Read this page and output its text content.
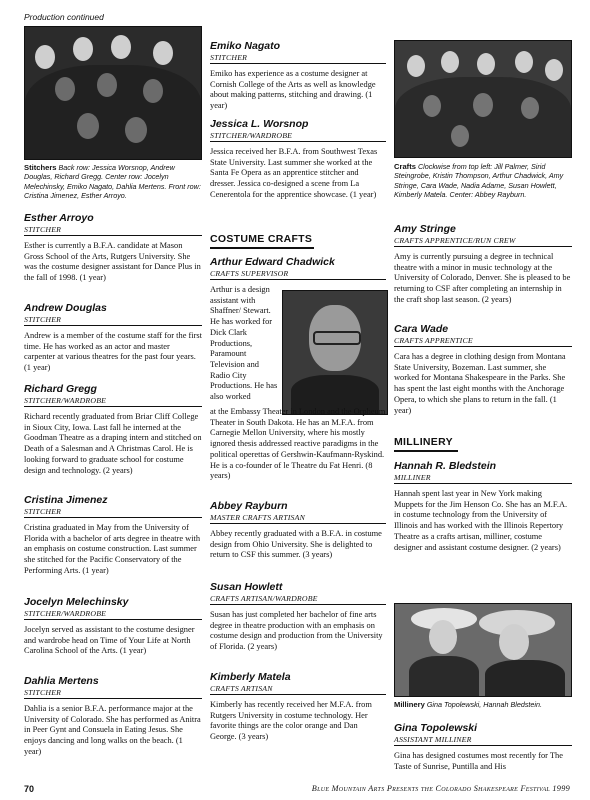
Production continued
Stitchers Back row: Jessica Worsnop, Andrew Douglas, Richard Gregg. Center row: Jocelyn Melechinsky, Emiko Nagato, Dahlia Mertens. Front row: Cristina Jimenez, Esther Arroyo.

Esther Arroyo

STITCHER

Esther is currently a B.F.A. candidate at Mason Gross School of the Arts, Rutgers University. She was the costume designer assistant for Dance Plus in the fall of 1998. (1 year)

Andrew Douglas

STITCHER

Andrew is a member of the costume staff for the first time. He has worked as an actor and master carpenter at various theatres for the past four years. (1 year)

Richard Gregg

STITCHER/WARDROBE

Richard recently graduated from Briar Cliff College in Sioux City, Iowa. Last fall he interned at the Goodman Theatre as a draping intern and stitched on Death of a Salesman and A Christmas Carol. He is looking forward to graduate school for costume design and technology. (2 years)

Cristina Jimenez

STITCHER

Cristina graduated in May from the University of Florida with a bachelor of arts degree in theatre with an emphasis on costume construction. Last summer she stitched for the Pacific Conservatory of the Performing Arts. (1 year)

Jocelyn Melechinsky

STITCHER/WARDROBE

Jocelyn served as assistant to the costume designer and wardrobe head on Time of Your Life at North Carolina School of the Arts. (1 year)

Dahlia Mertens

STITCHER

Dahlia is a senior B.F.A. performance major at the University of Colorado. She has performed as Anitra in Peer Gynt and Consuela in Eating Jesus. She enjoys dancing and long walks on the beach. (1 year)

Emiko Nagato

STITCHER

Emiko has experience as a costume designer at Cornish College of the Arts as well as knowledge about making patterns, stitching and drawing. (1 year)

Jessica L. Worsnop

STITCHER/WARDROBE

Jessica received her B.F.A. from Southwest Texas State University. Last summer she worked at the Santa Fe Opera as an apprentice stitcher and dresser. Jessica co-designed a scene from La Cenerentola for the apprentice showcase. (1 year)

COSTUME CRAFTS

Arthur Edward Chadwick

CRAFTS SUPERVISOR

Arthur is a design assistant with Shaffner/ Stewart. He has worked for Dick Clark Productions, Paramount Television and Radio City Productions. He has also worked

at the Embassy Theater in London and the Orpheum Theater in South Dakota. He has an M.F.A. from Carnegie Mellon University, where his mostly ignored thesis addressed reactive paradigms in the political operettas of Gershwin-Kaufmann-Ryskind. He is a co-founder of le Theatre du Fat Henri. (8 years)

Abbey Rayburn

MASTER CRAFTS ARTISAN

Abbey recently graduated with a B.F.A. in costume design from Ohio University. She is delighted to return to CSF this summer. (3 years)

Susan Howlett

CRAFTS ARTISAN/WARDROBE

Susan has just completed her bachelor of fine arts degree in theatre production with an emphasis on costume design and production from the University of Florida. (2 years)

Kimberly Matela

CRAFTS ARTISAN

Kimberly has recently received her M.F.A. from Rutgers University in costume technology. Her favorite things are the color orange and Dan George. (3 years)

Crafts Clockwise from top left: Jill Palmer, Sirid Steingrobe, Kristin Thompson, Arthur Chadwick, Amy Stringe, Cara Wade, Nadia Adame, Susan Howlett, Kimberly Matela. Center: Abbey Rayburn.

Amy Stringe

CRAFTS APPRENTICE/RUN CREW

Amy is currently pursuing a degree in technical theatre with a minor in music technology at the University of Colorado, Denver. She is pleased to be returning to CSF after completing an internship in the craft shop last season. (2 years)

Cara Wade

CRAFTS APPRENTICE

Cara has a degree in clothing design from Montana State University, Bozeman. Last summer, she worked for Montana Shakespeare in the Parks. She has spent the last eight months with the Anchorage Opera, to which she plans to return in the fall. (1 year)

MILLINERY

Hannah R. Bledstein

MILLINER

Hannah spent last year in New York making Muppets for the Jim Henson Co. She has an M.F.A. in costume technology from the University of Illinois and has worked with the Illinois Repertory Theatre as a crafts artisan, milliner, costume designer and assistant costume designer. (2 years)

Millinery Gina Topolewski, Hannah Bledstein.

Gina Topolewski

ASSISTANT MILLINER

Gina has designed costumes most recently for The Taste of Sunrise, Puntilla and His

70	Blue Mountain Arts Presents the Colorado Shakespeare Festival 1999
